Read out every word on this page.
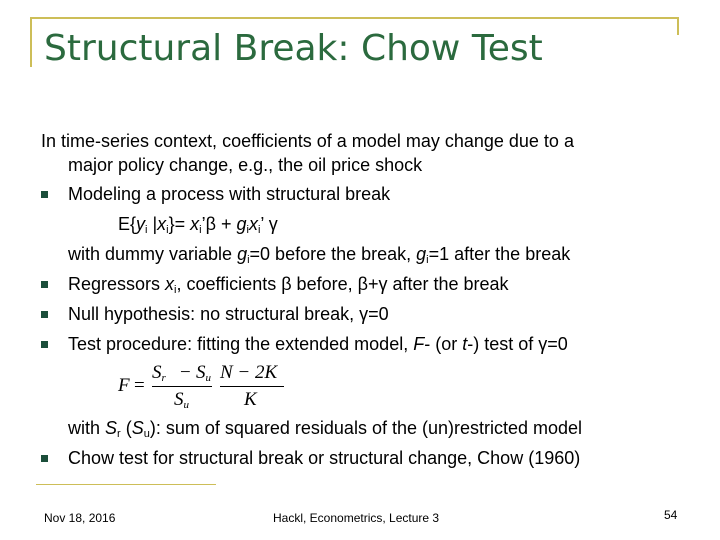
Structural Break: Chow Test
In time-series context, coefficients of a model may change due to a
major policy change, e.g., the oil price shock
Modeling a process with structural break
$E\{y_i$ $|x_i\}=$ $x_i’\beta + g_ix_i$’ γ
with dummy variable $g_i=0$ before the break, $g_i=1$ after the break
Regressors $x_i$, coefficients β before, β+γ after the break
Null hypothesis: no structural break, γ=0
Test procedure: fitting the extended model, F- (or t-) test of γ=0
F =
$S_r - S_u$
$S_u$
N − 2K
K
with $S_r$ $(S_u)$: sum of squared residuals of the (un)restricted model
Chow test for structural break or structural change, Chow (1960)
Nov 18, 2016	Hackl, Econometrics, Lecture 3	54
